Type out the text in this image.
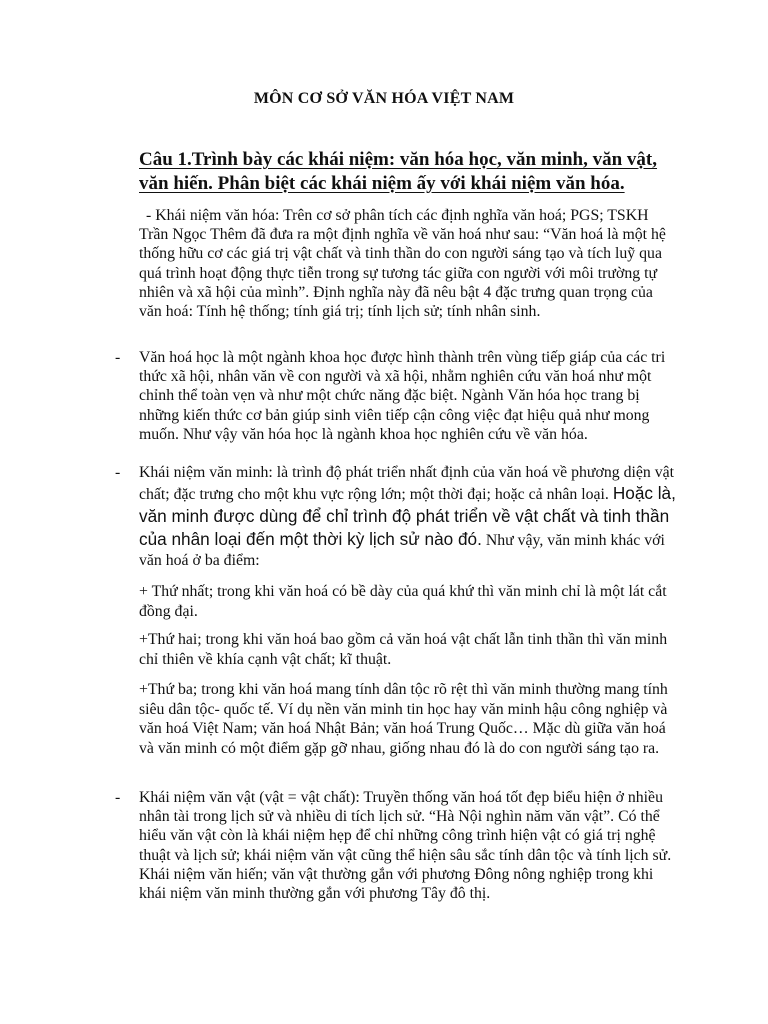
MÔN CƠ SỞ VĂN HÓA VIỆT NAM
Câu 1.Trình bày các khái niệm: văn hóa học, văn minh, văn vật, văn hiến. Phân biệt các khái niệm ấy với khái niệm văn hóa.
- Khái niệm văn hóa: Trên cơ sở phân tích các định nghĩa văn hoá; PGS; TSKH Trần Ngọc Thêm đã đưa ra một định nghĩa về văn hoá như sau: “Văn hoá là một hệ thống hữu cơ các giá trị vật chất và tinh thần do con người sáng tạo và tích luỹ qua quá trình hoạt động thực tiễn trong sự tương tác giữa con người với môi trường tự nhiên và xã hội của mình”. Định nghĩa này đã nêu bật 4 đặc trưng quan trọng của văn hoá: Tính hệ thống; tính giá trị; tính lịch sử; tính nhân sinh.
- Văn hoá học là một ngành khoa học được hình thành trên vùng tiếp giáp của các tri thức xã hội, nhân văn về con người và xã hội, nhằm nghiên cứu văn hoá như một chỉnh thể toàn vẹn và như một chức năng đặc biệt. Ngành Văn hóa học trang bị những kiến thức cơ bản giúp sinh viên tiếp cận công việc đạt hiệu quả như mong muốn. Như vậy văn hóa học là ngành khoa học nghiên cứu về văn hóa.
- Khái niệm văn minh: là trình độ phát triển nhất định của văn hoá về phương diện vật chất; đặc trưng cho một khu vực rộng lớn; một thời đại; hoặc cả nhân loại. Hoặc là, văn minh được dùng để chỉ trình độ phát triển về vật chất và tinh thần của nhân loại đến một thời kỳ lịch sử nào đó. Như vậy, văn minh khác với văn hoá ở ba điểm:
+ Thứ nhất; trong khi văn hoá có bề dày của quá khứ thì văn minh chỉ là một lát cắt đồng đại.
+Thứ hai; trong khi văn hoá bao gồm cả văn hoá vật chất lẫn tinh thần thì văn minh chỉ thiên về khía cạnh vật chất; kĩ thuật.
+Thứ ba; trong khi văn hoá mang tính dân tộc rõ rệt thì văn minh thường mang tính siêu dân tộc- quốc tế. Ví dụ nền văn minh tin học hay văn minh hậu công nghiệp và văn hoá Việt Nam; văn hoá Nhật Bản; văn hoá Trung Quốc… Mặc dù giữa văn hoá và văn minh có một điểm gặp gỡ nhau, giống nhau đó là do con người sáng tạo ra.
- Khái niệm văn vật (vật = vật chất): Truyền thống văn hoá tốt đẹp biểu hiện ở nhiều nhân tài trong lịch sử và nhiều di tích lịch sử. “Hà Nội nghìn năm văn vật”. Có thể hiểu văn vật còn là khái niệm hẹp để chỉ những công trình hiện vật có giá trị nghệ thuật và lịch sử; khái niệm văn vật cũng thể hiện sâu sắc tính dân tộc và tính lịch sử. Khái niệm văn hiến; văn vật thường gắn với phương Đông nông nghiệp trong khi khái niệm văn minh thường gắn với phương Tây đô thị.
